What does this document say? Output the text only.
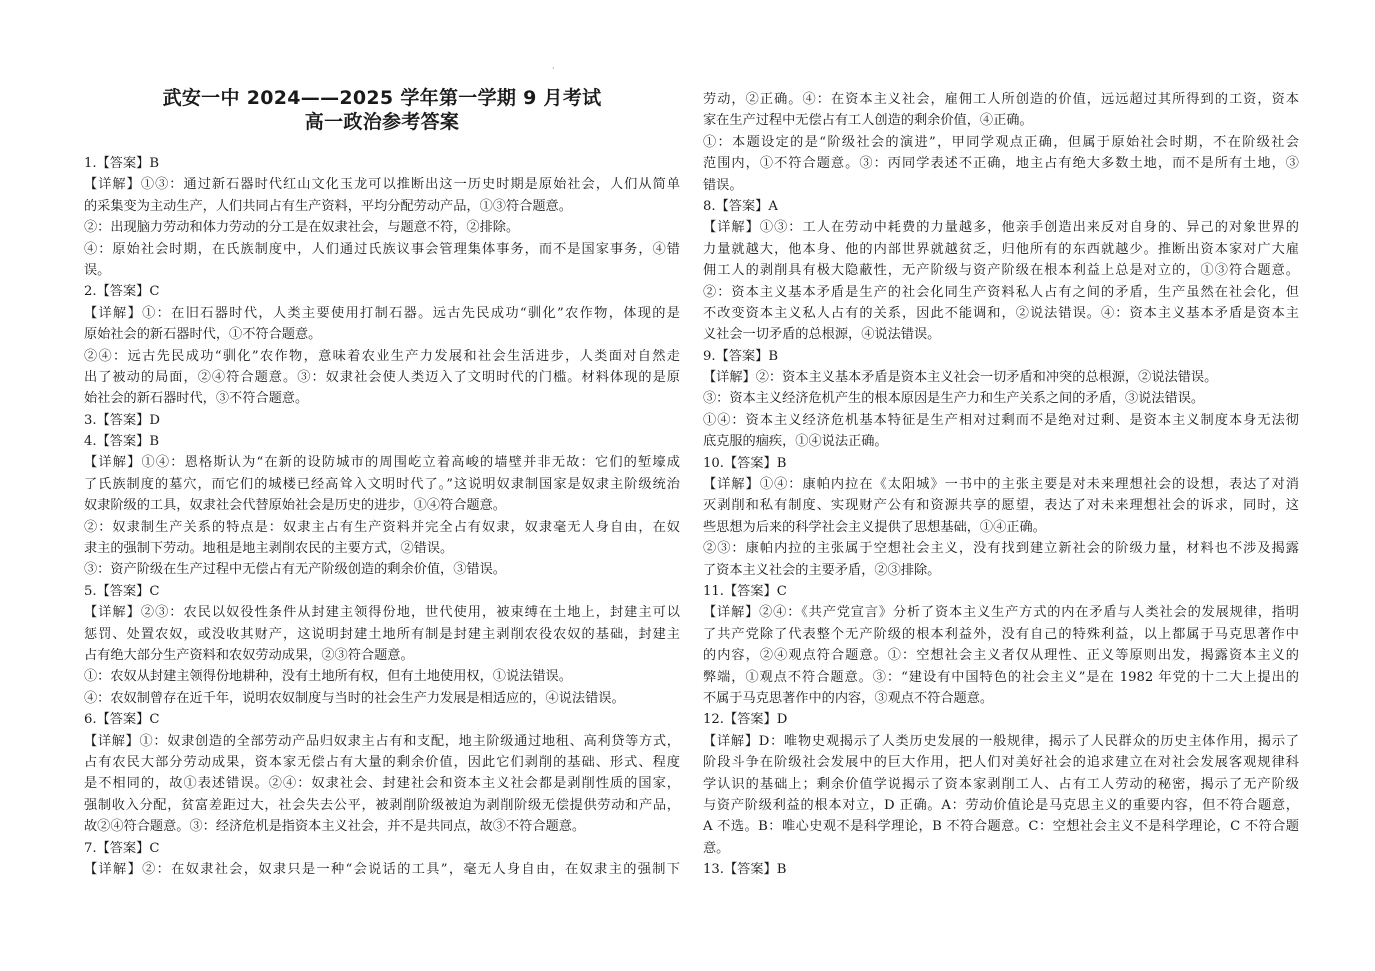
·
武安一中 2024——2025 学年第一学期 9 月考试
高一政治参考答案
1.【答案】B
【详解】①③：通过新石器时代红山文化玉龙可以推断出这一历史时期是原始社会，人们从简单
的采集变为主动生产，人们共同占有生产资料，平均分配劳动产品，①③符合题意。
②：出现脑力劳动和体力劳动的分工是在奴隶社会，与题意不符，②排除。
④：原始社会时期，在氏族制度中，人们通过氏族议事会管理集体事务，而不是国家事务，④错
误。
2.【答案】C
【详解】①：在旧石器时代，人类主要使用打制石器。远古先民成功“驯化”农作物，体现的是
原始社会的新石器时代，①不符合题意。
②④：远古先民成功“驯化”农作物，意味着农业生产力发展和社会生活进步，人类面对自然走
出了被动的局面，②④符合题意。③：奴隶社会使人类迈入了文明时代的门槛。材料体现的是原
始社会的新石器时代，③不符合题意。
3.【答案】D
4.【答案】B
【详解】①④：恩格斯认为“在新的设防城市的周围屹立着高峻的墙壁并非无故：它们的堑壕成
了氏族制度的墓穴，而它们的城楼已经高耸入文明时代了。”这说明奴隶制国家是奴隶主阶级统治
奴隶阶级的工具，奴隶社会代替原始社会是历史的进步，①④符合题意。
②：奴隶制生产关系的特点是：奴隶主占有生产资料并完全占有奴隶，奴隶毫无人身自由，在奴
隶主的强制下劳动。地租是地主剥削农民的主要方式，②错误。
③：资产阶级在生产过程中无偿占有无产阶级创造的剩余价值，③错误。
5.【答案】C
【详解】②③：农民以奴役性条件从封建主领得份地，世代使用，被束缚在土地上，封建主可以
惩罚、处置农奴，或没收其财产，这说明封建土地所有制是封建主剥削农役农奴的基础，封建主
占有绝大部分生产资料和农奴劳动成果，②③符合题意。
①：农奴从封建主领得份地耕种，没有土地所有权，但有土地使用权，①说法错误。
④：农奴制曾存在近千年，说明农奴制度与当时的社会生产力发展是相适应的，④说法错误。
6.【答案】C
【详解】①：奴隶创造的全部劳动产品归奴隶主占有和支配，地主阶级通过地租、高利贷等方式，
占有农民大部分劳动成果，资本家无偿占有大量的剩余价值，因此它们剥削的基础、形式、程度
是不相同的，故①表述错误。②④：奴隶社会、封建社会和资本主义社会都是剥削性质的国家，
强制收入分配，贫富差距过大，社会失去公平，被剥削阶级被迫为剥削阶级无偿提供劳动和产品，
故②④符合题意。③：经济危机是指资本主义社会，并不是共同点，故③不符合题意。
7.【答案】C
【详解】②：在奴隶社会，奴隶只是一种“会说话的工具”，毫无人身自由，在奴隶主的强制下
劳动，②正确。④：在资本主义社会，雇佣工人所创造的价值，远远超过其所得到的工资，资本
家在生产过程中无偿占有工人创造的剩余价值，④正确。
①：本题设定的是“阶级社会的演进”，甲同学观点正确，但属于原始社会时期，不在阶级社会
范围内，①不符合题意。③：丙同学表述不正确，地主占有绝大多数土地，而不是所有土地，③
错误。
8.【答案】A
【详解】①③：工人在劳动中耗费的力量越多，他亲手创造出来反对自身的、异己的对象世界的
力量就越大，他本身、他的内部世界就越贫乏，归他所有的东西就越少。推断出资本家对广大雇
佣工人的剥削具有极大隐蔽性，无产阶级与资产阶级在根本利益上总是对立的，①③符合题意。
②：资本主义基本矛盾是生产的社会化同生产资料私人占有之间的矛盾，生产虽然在社会化，但
不改变资本主义私人占有的关系，因此不能调和，②说法错误。④：资本主义基本矛盾是资本主
义社会一切矛盾的总根源，④说法错误。
9.【答案】B
【详解】②：资本主义基本矛盾是资本主义社会一切矛盾和冲突的总根源，②说法错误。
③：资本主义经济危机产生的根本原因是生产力和生产关系之间的矛盾，③说法错误。
①④：资本主义经济危机基本特征是生产相对过剩而不是绝对过剩、是资本主义制度本身无法彻
底克服的痼疾，①④说法正确。
10.【答案】B
【详解】①④：康帕内拉在《太阳城》一书中的主张主要是对未来理想社会的设想，表达了对消
灭剥削和私有制度、实现财产公有和资源共享的愿望，表达了对未来理想社会的诉求，同时，这
些思想为后来的科学社会主义提供了思想基础，①④正确。
②③：康帕内拉的主张属于空想社会主义，没有找到建立新社会的阶级力量，材料也不涉及揭露
了资本主义社会的主要矛盾，②③排除。
11.【答案】C
【详解】②④：《共产党宣言》分析了资本主义生产方式的内在矛盾与人类社会的发展规律，指明
了共产党除了代表整个无产阶级的根本利益外，没有自己的特殊利益，以上都属于马克思著作中
的内容，②④观点符合题意。①：空想社会主义者仅从理性、正义等原则出发，揭露资本主义的
弊端，①观点不符合题意。③：“建设有中国特色的社会主义”是在 1982 年党的十二大上提出的
不属于马克思著作中的内容，③观点不符合题意。
12.【答案】D
【详解】D：唯物史观揭示了人类历史发展的一般规律，揭示了人民群众的历史主体作用，揭示了
阶段斗争在阶级社会发展中的巨大作用，把人们对美好社会的追求建立在对社会发展客观规律科
学认识的基础上；剩余价值学说揭示了资本家剥削工人、占有工人劳动的秘密，揭示了无产阶级
与资产阶级利益的根本对立，D 正确。A：劳动价值论是马克思主义的重要内容，但不符合题意，
A 不选。B：唯心史观不是科学理论，B 不符合题意。C：空想社会主义不是科学理论，C 不符合题
意。
13.【答案】B
